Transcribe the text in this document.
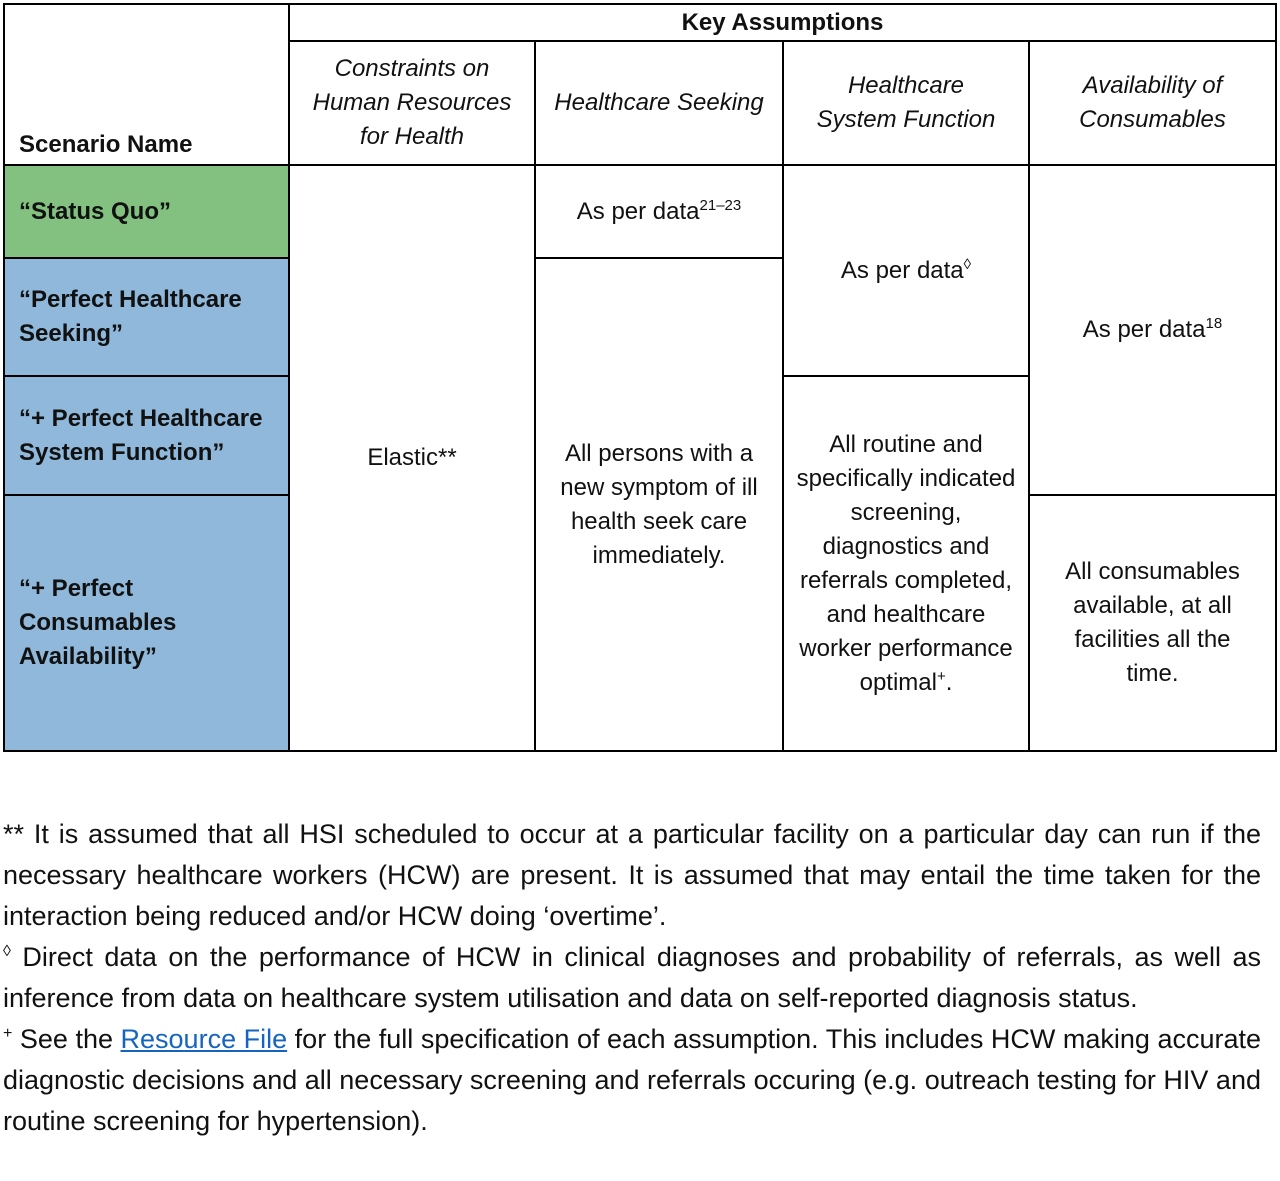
Scenario Name
Key Assumptions
Constraints on Human Resources for Health
Healthcare Seeking
Healthcare System Function
Availability of Consumables
“Status Quo”
“Perfect Healthcare Seeking”
“+ Perfect Healthcare System Function”
“+ Perfect Consumables Availability”
Elastic**
As per data$^{21-23}$
All persons with a new symptom of ill health seek care immediately.
As per data◊
All routine and specifically indicated screening, diagnostics and referrals completed, and healthcare worker performance optimal+.
As per data$^{18}$
All consumables available, at all facilities all the time.
** It is assumed that all HSI scheduled to occur at a particular facility on a particular day can run if the necessary healthcare workers (HCW) are present. It is assumed that may entail the time taken for the interaction being reduced and/or HCW doing ‘overtime’.
◊ Direct data on the performance of HCW in clinical diagnoses and probability of referrals, as well as inference from data on healthcare system utilisation and data on self-reported diagnosis status.
+ See the Resource File for the full specification of each assumption. This includes HCW making accurate diagnostic decisions and all necessary screening and referrals occuring (e.g. outreach testing for HIV and routine screening for hypertension).
